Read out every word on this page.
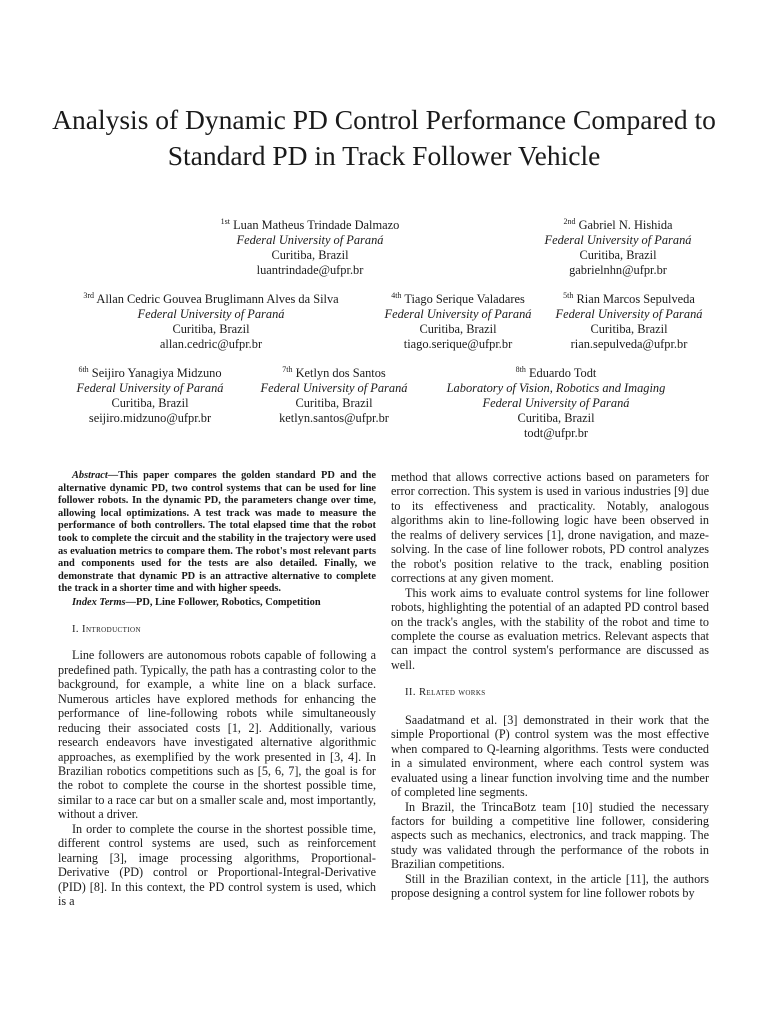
Analysis of Dynamic PD Control Performance Compared to Standard PD in Track Follower Vehicle
$^{1st}$ Luan Matheus Trindade Dalmazo
Federal University of Paraná
Curitiba, Brazil
luantrindade@ufpr.br
$^{2nd}$ Gabriel N. Hishida
Federal University of Paraná
Curitiba, Brazil
gabrielnhn@ufpr.br
$^{3rd}$ Allan Cedric Gouvea Bruglimann Alves da Silva
Federal University of Paraná
Curitiba, Brazil
allan.cedric@ufpr.br
$^{4th}$ Tiago Serique Valadares
Federal University of Paraná
Curitiba, Brazil
tiago.serique@ufpr.br
$^{5th}$ Rian Marcos Sepulveda
Federal University of Paraná
Curitiba, Brazil
rian.sepulveda@ufpr.br
$^{6th}$ Seijiro Yanagiya Midzuno
Federal University of Paraná
Curitiba, Brazil
seijiro.midzuno@ufpr.br
$^{7th}$ Ketlyn dos Santos
Federal University of Paraná
Curitiba, Brazil
ketlyn.santos@ufpr.br
$^{8th}$ Eduardo Todt
Laboratory of Vision, Robotics and Imaging
Federal University of Paraná
Curitiba, Brazil
todt@ufpr.br

Abstract—This paper compares the golden standard PD and the alternative dynamic PD, two control systems that can be used for line follower robots. In the dynamic PD, the parameters change over time, allowing local optimizations. A test track was made to measure the performance of both controllers. The total elapsed time that the robot took to complete the circuit and the stability in the trajectory were used as evaluation metrics to compare them. The robot's most relevant parts and components used for the tests are also detailed. Finally, we demonstrate that dynamic PD is an attractive alternative to complete the track in a shorter time and with higher speeds.

Index Terms—PD, Line Follower, Robotics, Competition

I. Introduction

Line followers are autonomous robots capable of following a predefined path. Typically, the path has a contrasting color to the background, for example, a white line on a black surface. Numerous articles have explored methods for enhancing the performance of line-following robots while simultaneously reducing their associated costs [1, 2]. Additionally, various research endeavors have investigated alternative algorithmic approaches, as exemplified by the work presented in [3, 4]. In Brazilian robotics competitions such as [5, 6, 7], the goal is for the robot to complete the course in the shortest possible time, similar to a race car but on a smaller scale and, most importantly, without a driver.

In order to complete the course in the shortest possible time, different control systems are used, such as reinforcement learning [3], image processing algorithms, Proportional-Derivative (PD) control or Proportional-Integral-Derivative (PID) [8]. In this context, the PD control system is used, which is a

method that allows corrective actions based on parameters for error correction. This system is used in various industries [9] due to its effectiveness and practicality. Notably, analogous algorithms akin to line-following logic have been observed in the realms of delivery services [1], drone navigation, and maze-solving. In the case of line follower robots, PD control analyzes the robot's position relative to the track, enabling position corrections at any given moment.

This work aims to evaluate control systems for line follower robots, highlighting the potential of an adapted PD control based on the track's angles, with the stability of the robot and time to complete the course as evaluation metrics. Relevant aspects that can impact the control system's performance are discussed as well.

II. Related works

Saadatmand et al. [3] demonstrated in their work that the simple Proportional (P) control system was the most effective when compared to Q-learning algorithms. Tests were conducted in a simulated environment, where each control system was evaluated using a linear function involving time and the number of completed line segments.

In Brazil, the TrincaBotz team [10] studied the necessary factors for building a competitive line follower, considering aspects such as mechanics, electronics, and track mapping. The study was validated through the performance of the robots in Brazilian competitions.

Still in the Brazilian context, in the article [11], the authors propose designing a control system for line follower robots by
